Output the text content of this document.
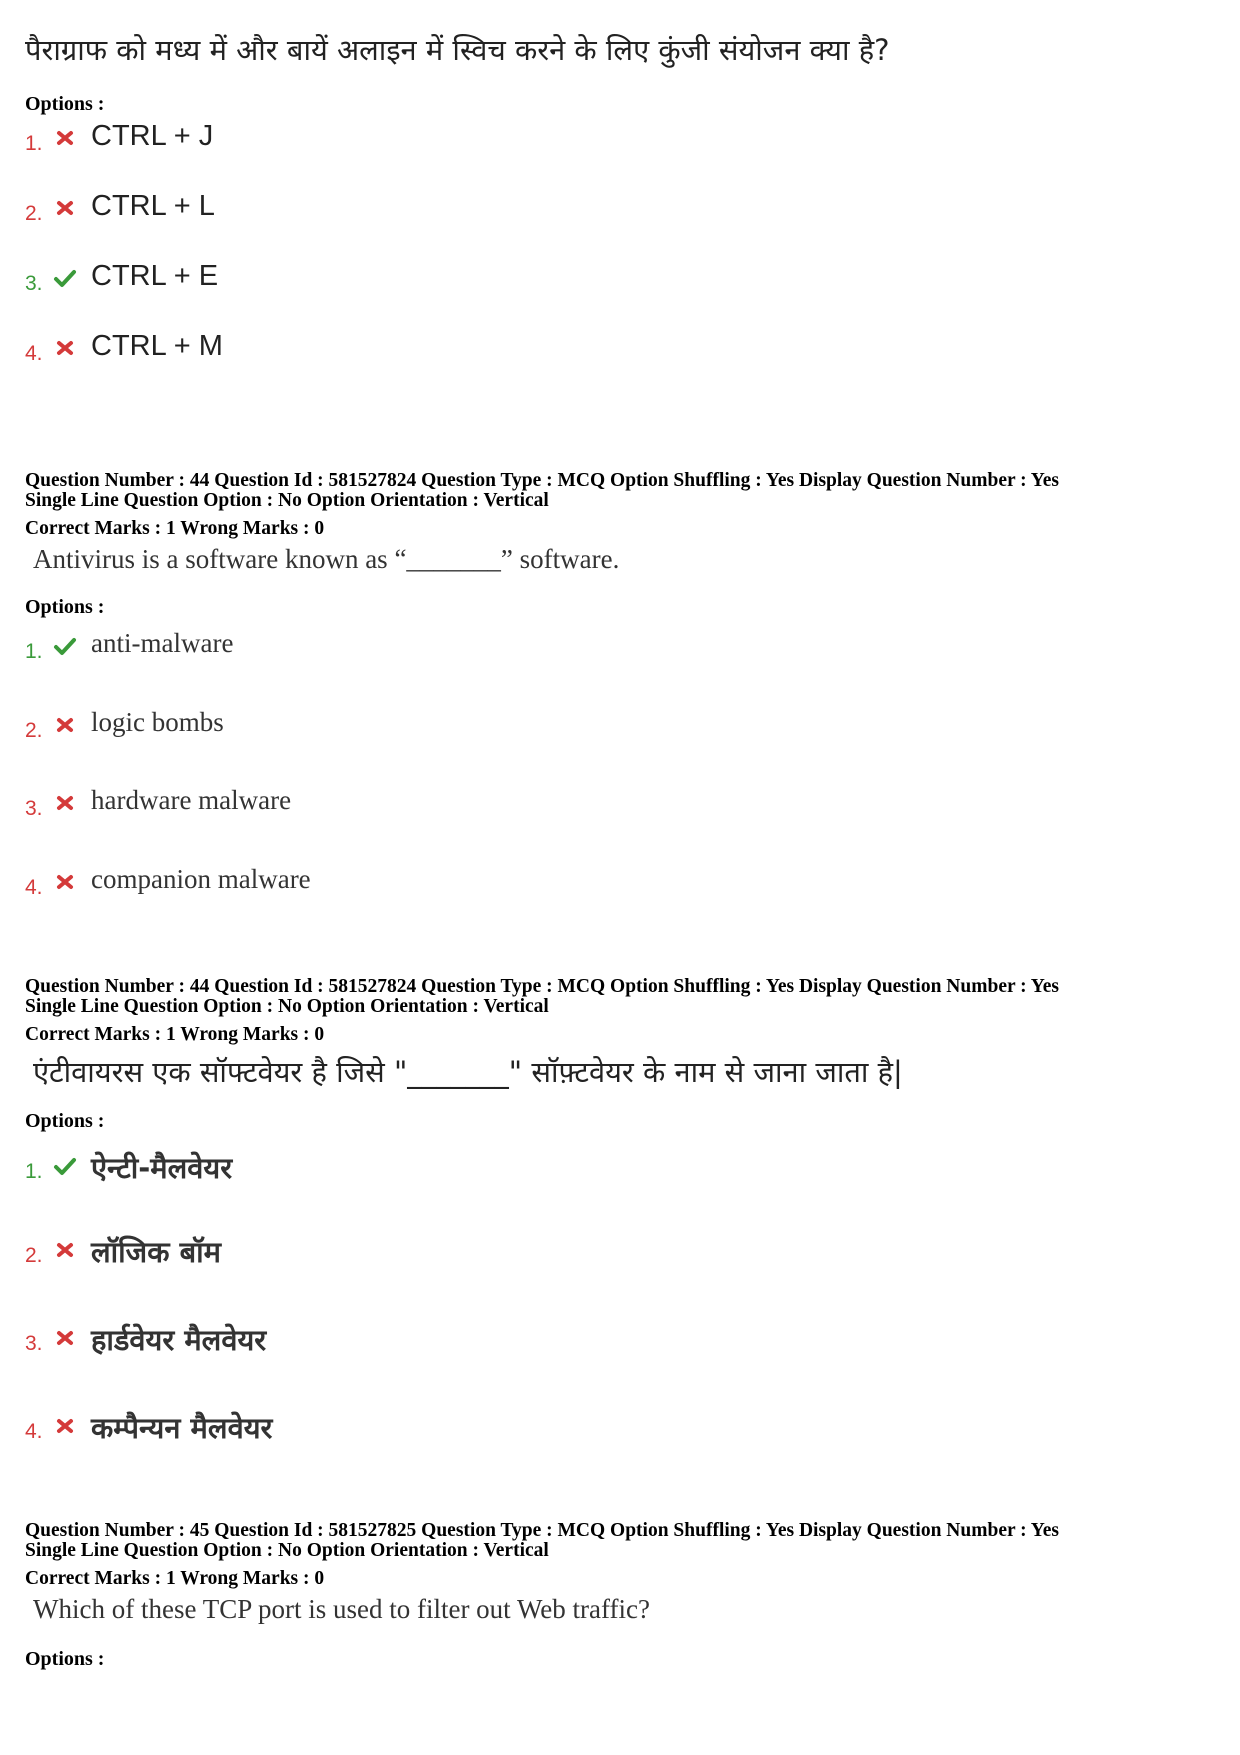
पैराग्राफ को मध्य में और बायें अलाइन में स्विच करने के लिए कुंजी संयोजन क्या है?
Options :
1. CTRL + J
2. CTRL + L
3. CTRL + E
4. CTRL + M
Question Number : 44 Question Id : 581527824 Question Type : MCQ Option Shuffling : Yes Display Question Number : Yes
Single Line Question Option : No Option Orientation : Vertical
Correct Marks : 1 Wrong Marks : 0
Antivirus is a software known as “_______” software.
Options :
1. anti-malware
2. logic bombs
3. hardware malware
4. companion malware
Question Number : 44 Question Id : 581527824 Question Type : MCQ Option Shuffling : Yes Display Question Number : Yes
Single Line Question Option : No Option Orientation : Vertical
Correct Marks : 1 Wrong Marks : 0
एंटीवायरस एक सॉफ्टवेयर है जिसे "_______" सॉफ़्टवेयर के नाम से जाना जाता है|
Options :
1. ऐन्टी-मैलवेयर
2. लॉजिक बॉम
3. हार्डवेयर मैलवेयर
4. कम्पैन्यन मैलवेयर
Question Number : 45 Question Id : 581527825 Question Type : MCQ Option Shuffling : Yes Display Question Number : Yes
Single Line Question Option : No Option Orientation : Vertical
Correct Marks : 1 Wrong Marks : 0
Which of these TCP port is used to filter out Web traffic?
Options :
